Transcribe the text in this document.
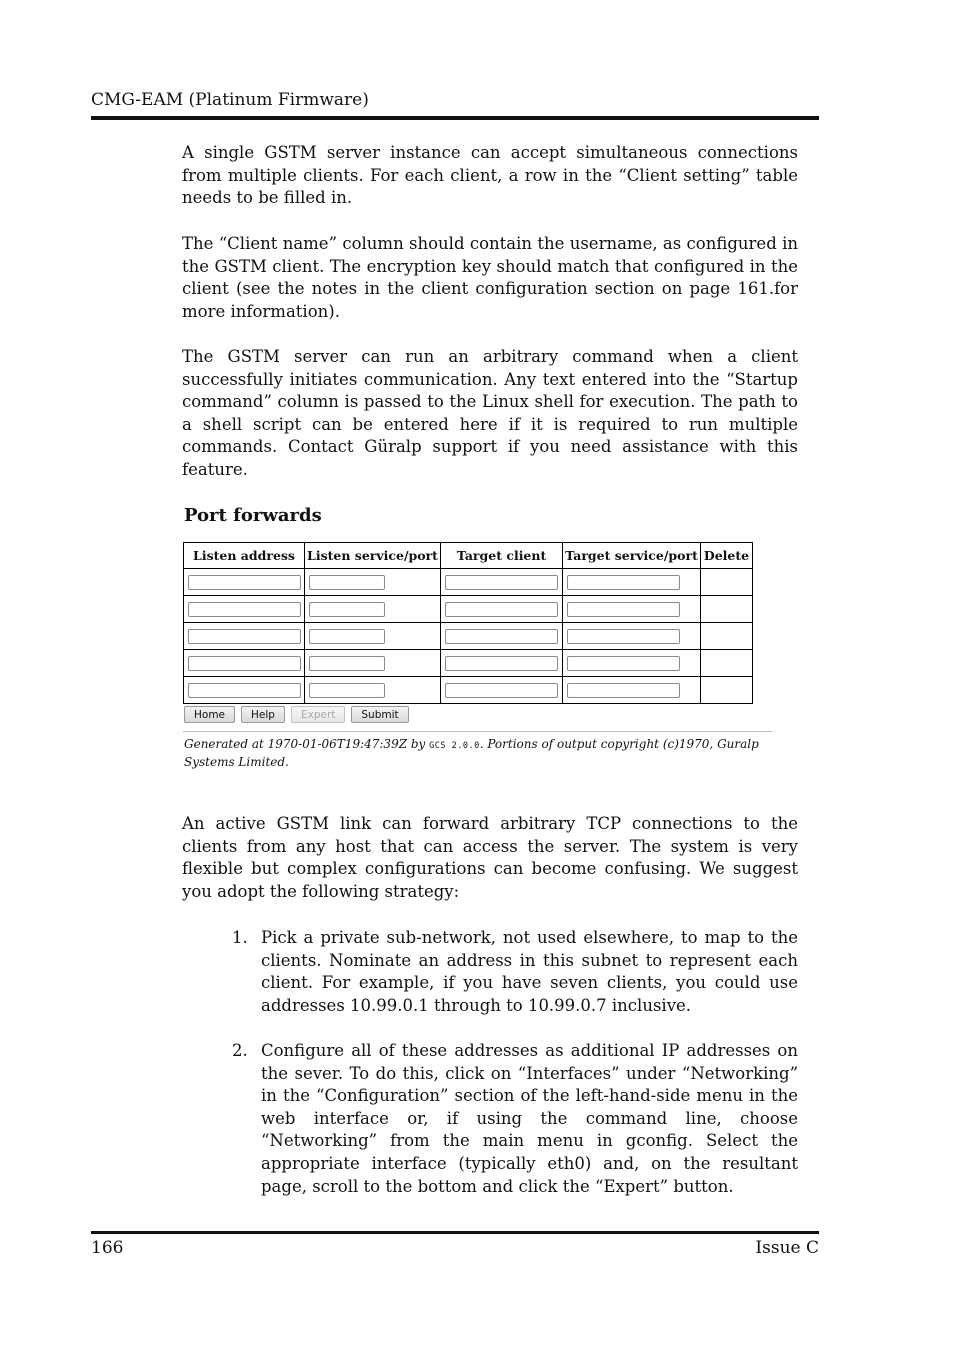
CMG-EAM (Platinum Firmware)

A single GSTM server instance can accept simultaneous connections from multiple clients. For each client, a row in the “Client setting” table needs to be filled in.

The “Client name” column should contain the username, as configured in the GSTM client. The encryption key should match that configured in the client (see the notes in the client configuration section on page 161.for more information).

The GSTM server can run an arbitrary command when a client successfully initiates communication. Any text entered into the “Startup command” column is passed to the Linux shell for execution. The path to a shell script can be entered here if it is required to run multiple commands. Contact Güralp support if you need assistance with this feature.

Port forwards
Listen address	Listen service/port	Target client	Target service/port	Delete

Home	Help	Expert	Submit
Generated at 1970-01-06T19:47:39Z by GCS 2.0.0. Portions of output copyright (c)1970, Guralp Systems Limited.

An active GSTM link can forward arbitrary TCP connections to the clients from any host that can access the server. The system is very flexible but complex configurations can become confusing. We suggest you adopt the following strategy:

1. Pick a private sub-network, not used elsewhere, to map to the clients. Nominate an address in this subnet to represent each client. For example, if you have seven clients, you could use addresses 10.99.0.1 through to 10.99.0.7 inclusive.

2. Configure all of these addresses as additional IP addresses on the sever. To do this, click on “Interfaces” under “Networking” in the “Configuration” section of the left-hand-side menu in the web interface or, if using the command line, choose “Networking” from the main menu in gconfig. Select the appropriate interface (typically eth0) and, on the resultant page, scroll to the bottom and click the “Expert” button.

166	Issue C
